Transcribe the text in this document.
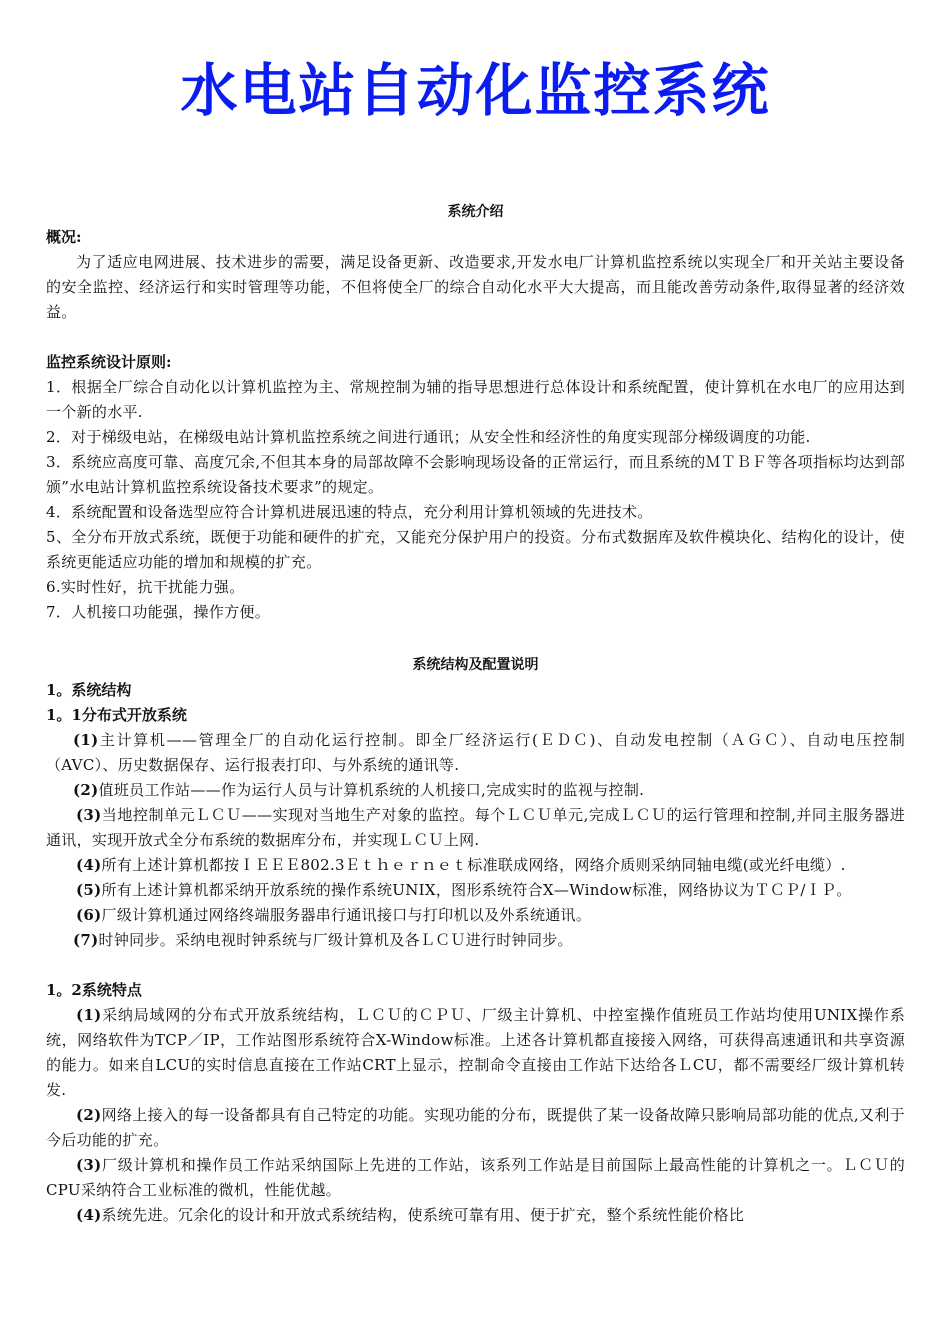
水电站自动化监控系统

系统介绍

概况:

为了适应电网进展、技术进步的需要，满足设备更新、改造要求,开发水电厂计算机监控系统以实现全厂和开关站主要设备的安全监控、经济运行和实时管理等功能，不但将使全厂的综合自动化水平大大提高，而且能改善劳动条件,取得显著的经济效益。

监控系统设计原则:

1．根据全厂综合自动化以计算机监控为主、常规控制为辅的指导思想进行总体设计和系统配置，使计算机在水电厂的应用达到一个新的水平.

2．对于梯级电站，在梯级电站计算机监控系统之间进行通讯；从安全性和经济性的角度实现部分梯级调度的功能.

3．系统应高度可靠、高度冗余,不但其本身的局部故障不会影响现场设备的正常运行，而且系统的ＭＴＢＦ等各项指标均达到部颁”水电站计算机监控系统设备技术要求”的规定。

4．系统配置和设备选型应符合计算机进展迅速的特点，充分利用计算机领域的先进技术。

5、全分布开放式系统，既便于功能和硬件的扩充，又能充分保护用户的投资。分布式数据库及软件模块化、结构化的设计，使系统更能适应功能的增加和规模的扩充。

6.实时性好，抗干扰能力强。

7．人机接口功能强，操作方便。

系统结构及配置说明

1。系统结构

1。1分布式开放系统

(1)主计算机——管理全厂的自动化运行控制。即全厂经济运行(ＥＤＣ)、自动发电控制（ＡＧＣ）、自动电压控制（AVC）、历史数据保存、运行报表打印、与外系统的通讯等.

(2)值班员工作站——作为运行人员与计算机系统的人机接口,完成实时的监视与控制.

(3)当地控制单元ＬＣＵ——实现对当地生产对象的监控。每个ＬＣＵ单元,完成ＬＣＵ的运行管理和控制,并同主服务器进通讯，实现开放式全分布系统的数据库分布，并实现ＬＣＵ上网.

(4)所有上述计算机都按ＩＥＥＥ802.3Ｅｔｈｅｒｎｅｔ标准联成网络，网络介质则采纳同轴电缆(或光纤电缆）.

(5)所有上述计算机都采纳开放系统的操作系统UNIX，图形系统符合X—Window标准，网络协议为ＴＣＰ/ＩＰ。

(6)厂级计算机通过网络终端服务器串行通讯接口与打印机以及外系统通讯。

(7)时钟同步。采纳电视时钟系统与厂级计算机及各ＬＣＵ进行时钟同步。

1。2系统特点

(1)采纳局域网的分布式开放系统结构，ＬＣＵ的ＣＰＵ、厂级主计算机、中控室操作值班员工作站均使用UNIX操作系统，网络软件为TCP／IP，工作站图形系统符合X-Window标准。上述各计算机都直接接入网络，可获得高速通讯和共享资源的能力。如来自LCU的实时信息直接在工作站CRT上显示，控制命令直接由工作站下达给各ＬCU，都不需要经厂级计算机转发.

(2)网络上接入的每一设备都具有自己特定的功能。实现功能的分布，既提供了某一设备故障只影响局部功能的优点,又利于今后功能的扩充。

(3)厂级计算机和操作员工作站采纳国际上先进的工作站，该系列工作站是目前国际上最高性能的计算机之一。ＬＣＵ的CPU采纳符合工业标准的微机，性能优越。

(4)系统先进。冗余化的设计和开放式系统结构，使系统可靠有用、便于扩充，整个系统性能价格比
